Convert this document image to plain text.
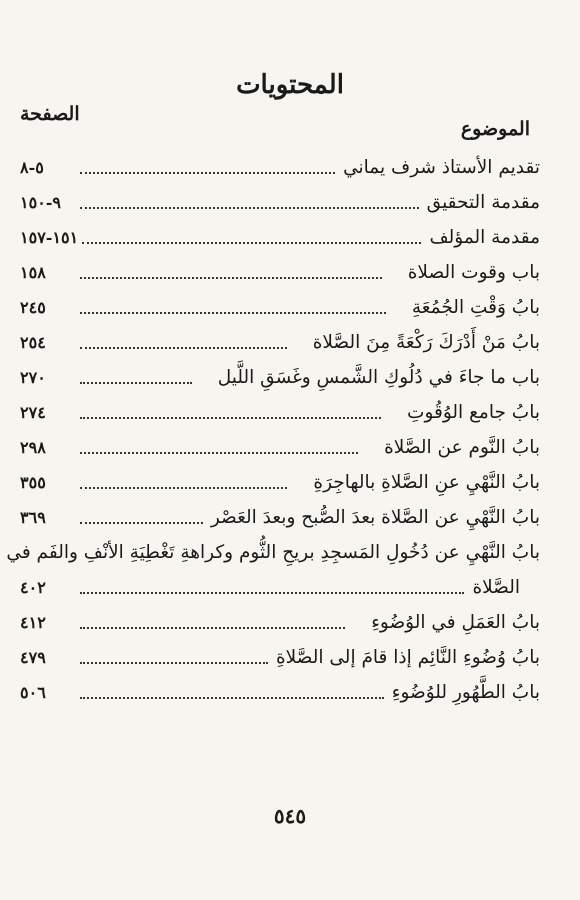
المحتويات
الموضوع
الصفحة
تقديم الأستاذ شرف يماني
٥-٨
مقدمة التحقيق
٩-١٥٠
مقدمة المؤلف
١٥١-١٥٧
باب وقوت الصلاة
١٥٨
بابُ وَقْتِ الجُمُعَةِ
٢٤٥
بابُ مَنْ أَدْرَكَ رَكْعَةً مِنَ الصَّلاة
٢٥٤
باب ما جاءَ في دُلُوكِ الشَّمسِ وغَسَقِ اللَّيل
٢٧٠
بابُ جامع الوُقُوتِ
٢٧٤
بابُ النَّوم عن الصَّلاة
٢٩٨
بابُ النَّهْيِ عنِ الصَّلاةِ بالهاجِرَةِ
٣٥٥
بابُ النَّهْيِ عن الصَّلاة بعدَ الصُّبح وبعدَ العَصْر
٣٦٩
بابُ النَّهْيِ عن دُخُولِ المَسجِدِ بريحِ الثُّوم وكراهةِ تَغْطِيَةِ الأنْفِ والفَم في
الصَّلاة
٤٠٢
بابُ العَمَلِ في الوُضُوءِ
٤١٢
بابُ وُضُوءِ النَّائِم إذا قامَ إلى الصَّلاةِ
٤٧٩
بابُ الطَّهُورِ للوُضُوءِ
٥٠٦
٥٤٥
